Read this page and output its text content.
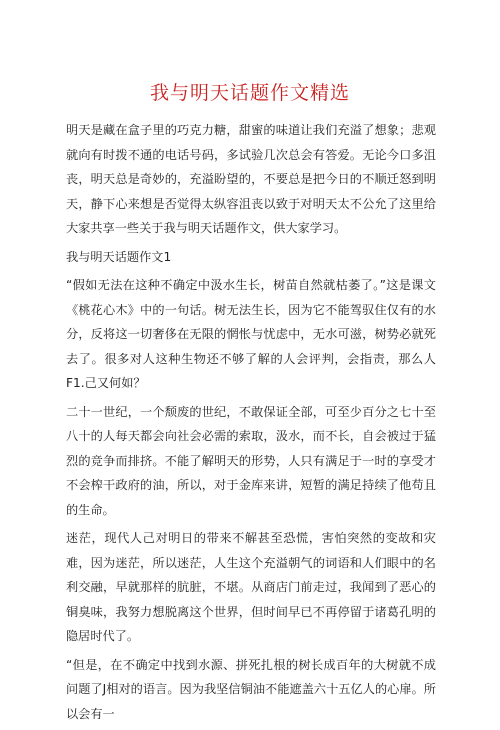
我与明天话题作文精选

明天是藏在盒子里的巧克力糖，甜蜜的味道让我们充溢了想象；悲观就向有时拨不通的电话号码，多试验几次总会有答爱。无论今口多沮丧，明天总是奇妙的，充溢盼望的，不要总是把今日的不顺迁怒到明天，静下心来想是否觉得太纵容沮丧以致于对明天太不公允了这里给大家共享一些关于我与明天话题作文，供大家学习。

我与明天话题作文1

“假如无法在这种不确定中汲水生长，树苗自然就枯萎了。”这是课文《桃花心木》中的一句话。树无法生长，因为它不能驾驭住仅有的水分，反将这一切奢侈在无限的惘怅与忧虑中，无水可滋，树势必就死去了。很多对人这种生物还不够了解的人会评判，会指责，那么人F1.己又何如？

二十一世纪，一个颓废的世纪，不敢保证全部，可至少百分之七十至八十的人每天都会向社会必需的索取，汲水，而不长，自会被过于猛烈的竞争而排挤。不能了解明天的形势，人只有满足于一时的享受才不会榨干政府的油，所以，对于金库来讲，短暂的满足持续了他苟且的生命。

迷茫，现代人己对明日的带来不解甚至恐慌，害怕突然的变故和灾难，因为迷茫，所以迷茫，人生这个充溢朝气的词语和人们眼中的名利交融，早就那样的肮脏，不堪。从商店门前走过，我闻到了恶心的铜臭味，我努力想脱离这个世界，但时间早已不再停留于诸葛孔明的隐居时代了。

“但是，在不确定中找到水源、拼死扎根的树长成百年的大树就不成问题了J相对的语言。因为我坚信铜油不能遮盖六十五亿人的心扉。所以会有一
